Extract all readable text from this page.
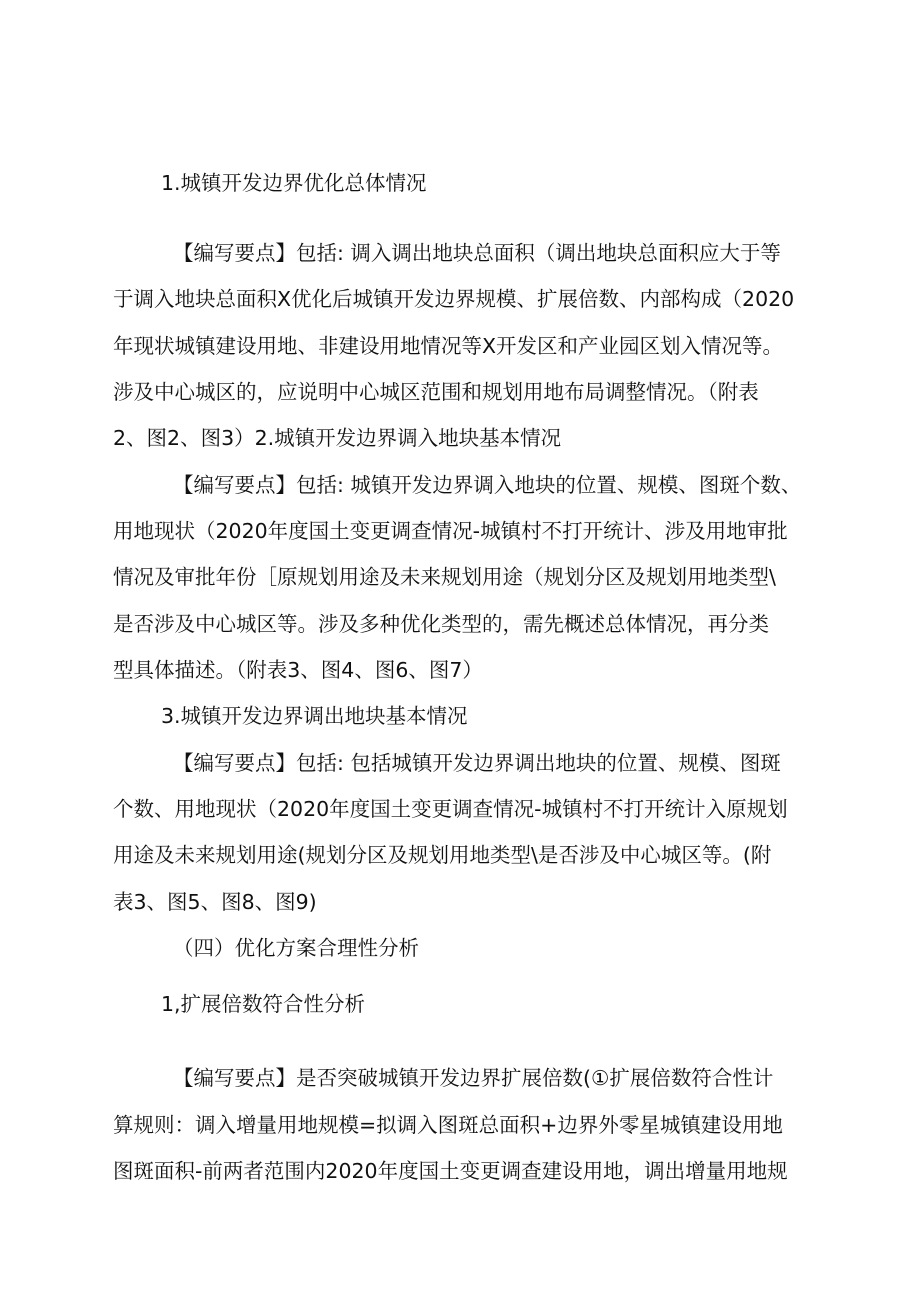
1.城镇开发边界优化总体情况
【编写要点】包括: 调入调出地块总面积（调出地块总面积应大于等
于调入地块总面积X优化后城镇开发边界规模、扩展倍数、内部构成（2020
年现状城镇建设用地、非建设用地情况等X开发区和产业园区划入情况等。
涉及中心城区的，应说明中心城区范围和规划用地布局调整情况。（附表
2、图2、图3）2.城镇开发边界调入地块基本情况
【编写要点】包括: 城镇开发边界调入地块的位置、规模、图斑个数、
用地现状（2020年度国土变更调查情况-城镇村不打开统计、涉及用地审批
情况及审批年份［原规划用途及未来规划用途（规划分区及规划用地类型\
是否涉及中心城区等。涉及多种优化类型的，需先概述总体情况，再分类
型具体描述。（附表3、图4、图6、图7）
3.城镇开发边界调出地块基本情况
【编写要点】包括: 包括城镇开发边界调出地块的位置、规模、图斑
个数、用地现状（2020年度国土变更调查情况-城镇村不打开统计入原规划
用途及未来规划用途(规划分区及规划用地类型\是否涉及中心城区等。(附
表3、图5、图8、图9)
（四）优化方案合理性分析
1,扩展倍数符合性分析
【编写要点】是否突破城镇开发边界扩展倍数(①扩展倍数符合性计
算规则：调入增量用地规模=拟调入图斑总面积+边界外零星城镇建设用地
图斑面积-前两者范围内2020年度国土变更调查建设用地，调出增量用地规
